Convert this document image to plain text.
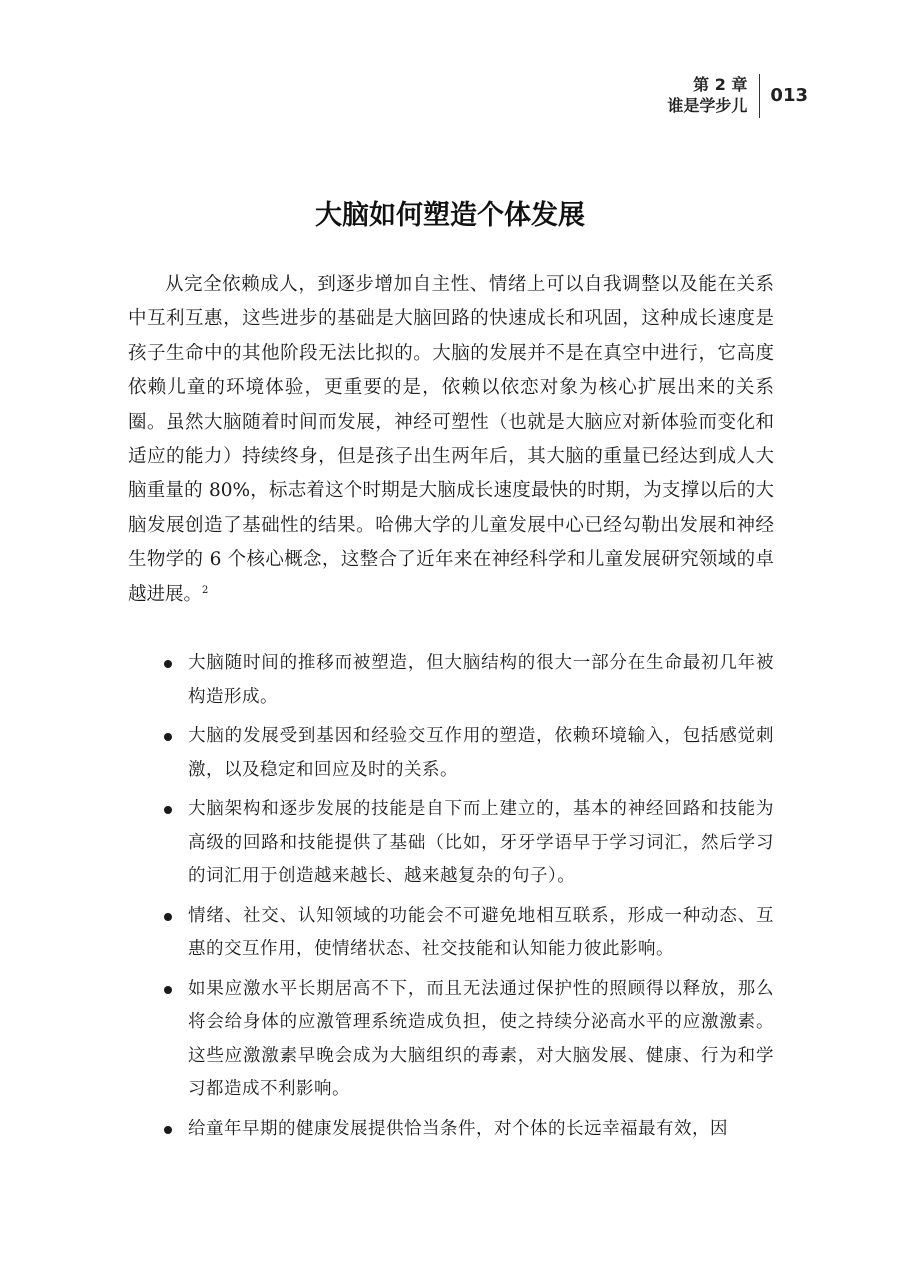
第 2 章
谁是学步儿	013
大脑如何塑造个体发展

从完全依赖成人，到逐步增加自主性、情绪上可以自我调整以及能在关系中互利互惠，这些进步的基础是大脑回路的快速成长和巩固，这种成长速度是孩子生命中的其他阶段无法比拟的。大脑的发展并不是在真空中进行，它高度依赖儿童的环境体验，更重要的是，依赖以依恋对象为核心扩展出来的关系圈。虽然大脑随着时间而发展，神经可塑性（也就是大脑应对新体验而变化和适应的能力）持续终身，但是孩子出生两年后，其大脑的重量已经达到成人大脑重量的 80%，标志着这个时期是大脑成长速度最快的时期，为支撑以后的大脑发展创造了基础性的结果。哈佛大学的儿童发展中心已经勾勒出发展和神经生物学的 6 个核心概念，这整合了近年来在神经科学和儿童发展研究领域的卓越进展。$^2$

大脑随时间的推移而被塑造，但大脑结构的很大一部分在生命最初几年被构造形成。
大脑的发展受到基因和经验交互作用的塑造，依赖环境输入，包括感觉刺激，以及稳定和回应及时的关系。
大脑架构和逐步发展的技能是自下而上建立的，基本的神经回路和技能为高级的回路和技能提供了基础（比如，牙牙学语早于学习词汇，然后学习的词汇用于创造越来越长、越来越复杂的句子）。
情绪、社交、认知领域的功能会不可避免地相互联系，形成一种动态、互惠的交互作用，使情绪状态、社交技能和认知能力彼此影响。
如果应激水平长期居高不下，而且无法通过保护性的照顾得以释放，那么将会给身体的应激管理系统造成负担，使之持续分泌高水平的应激激素。这些应激激素早晚会成为大脑组织的毒素，对大脑发展、健康、行为和学习都造成不利影响。
给童年早期的健康发展提供恰当条件，对个体的长远幸福最有效，因
